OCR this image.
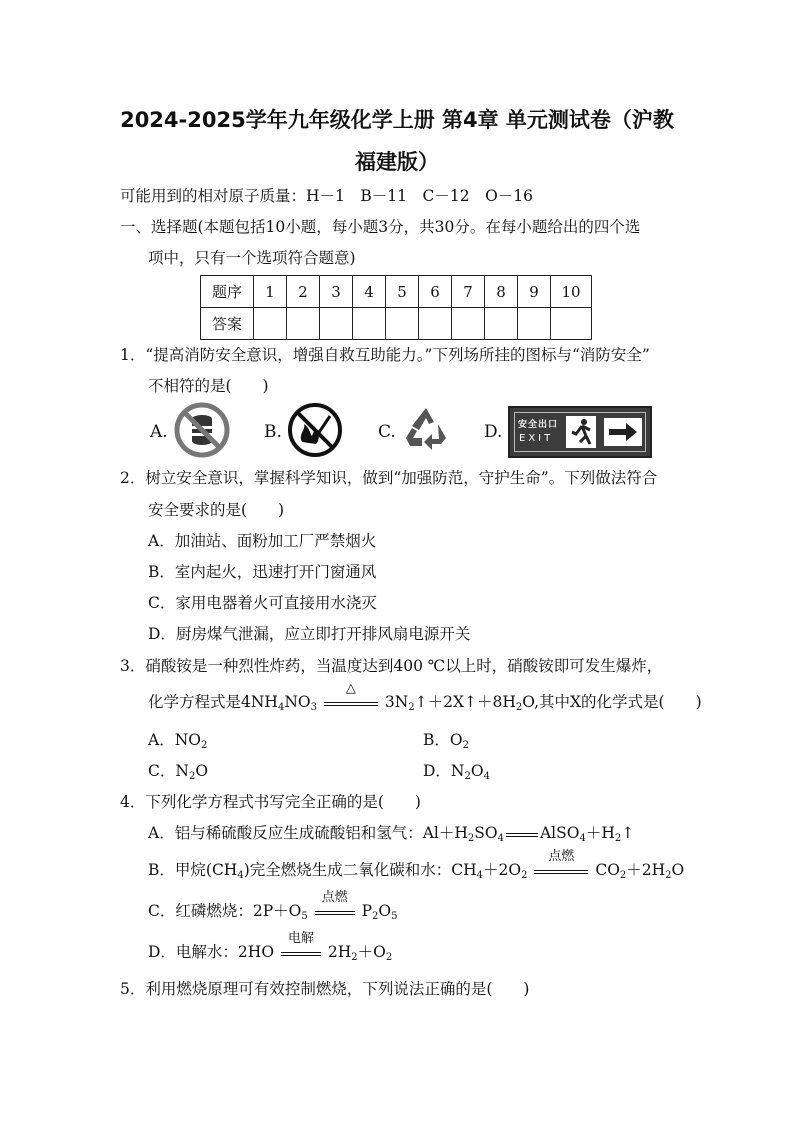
2024-2025学年九年级化学上册 第4章 单元测试卷（沪教
福建版）
可能用到的相对原子质量：H－1　B－11　C－12　O－16
一、选择题(本题包括10小题，每小题3分，共30分。在每小题给出的四个选
项中，只有一个选项符合题意)
题序	1	2	3	4	5	6	7	8	9	10
答案										
1．“提高消防安全意识，增强自救互助能力。”下列场所挂的图标与“消防安全”
不相符的是(　　)
A.	B.	C.	D. 安全出口
EXIT
2．树立安全意识，掌握科学知识，做到“加强防范，守护生命”。下列做法符合
安全要求的是(　　)
A．加油站、面粉加工厂严禁烟火
B．室内起火，迅速打开门窗通风
C．家用电器着火可直接用水浇灭
D．厨房煤气泄漏，应立即打开排风扇电源开关
3．硝酸铵是一种烈性炸药，当温度达到400 ℃以上时，硝酸铵即可发生爆炸，
化学方程式是$4NH_4NO_3$
△
$3N_2↑+2X↑+8H_2O$,其中X的化学式是(　　)
A．$NO_2$	B．$O_2$
C．$N_2O$	D．$N_2O_4$
4．下列化学方程式书写完全正确的是(　　)
A．铝与稀硫酸反应生成硫酸铝和氢气：$Al+H_2SO_4$ $AlSO_4+H_2↑$
B．甲烷$(CH_4)$完全燃烧生成二氧化碳和水：$CH_4+2O_2$
点燃
$CO_2+2H_2O$
C．红磷燃烧：$2P+O_5$
点燃
$P_2O_5$
D．电解水：2HO
电解
$2H_2+O_2$
5．利用燃烧原理可有效控制燃烧，下列说法正确的是(　　)
